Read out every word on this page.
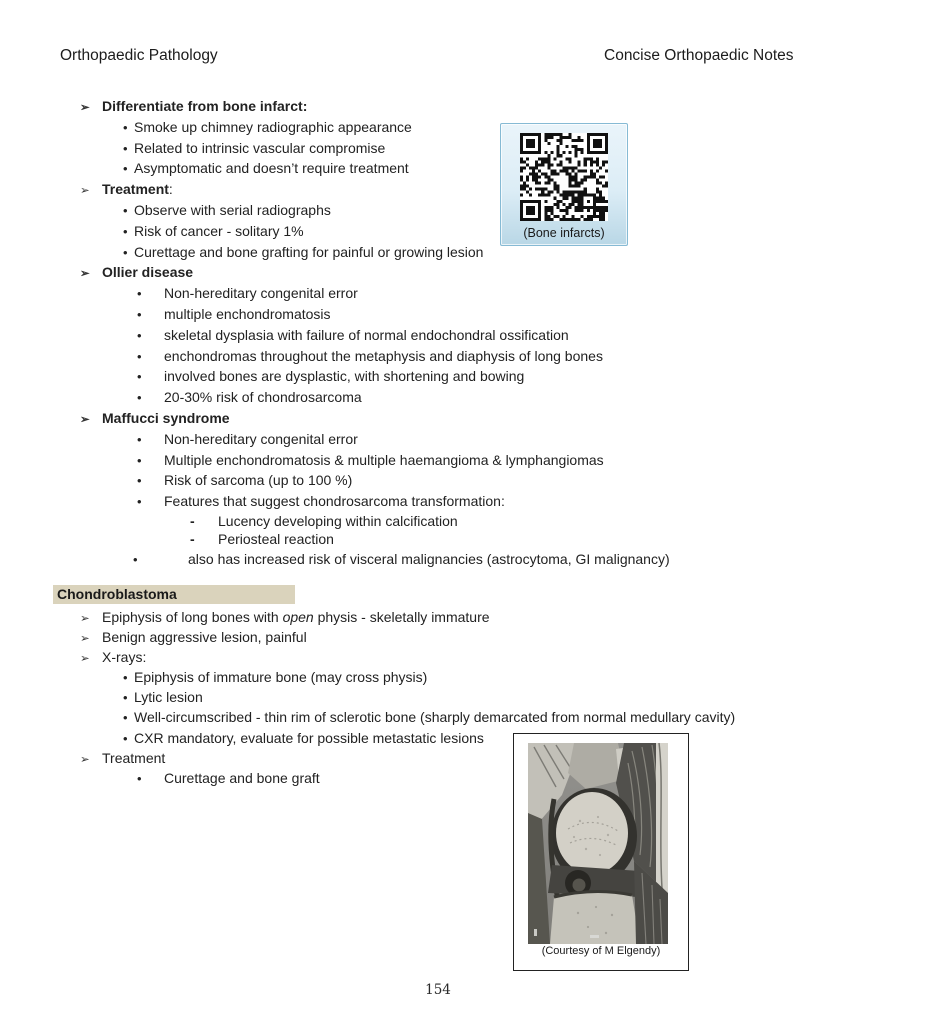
Orthopaedic Pathology	Concise Orthopaedic Notes
➢ Differentiate from bone infarct:
• Smoke up chimney radiographic appearance
• Related to intrinsic vascular compromise
• Asymptomatic and doesn’t require treatment
➢ Treatment:
• Observe with serial radiographs
• Risk of cancer - solitary 1%
• Curettage and bone grafting for painful or growing lesion
➢ Ollier disease
• Non-hereditary congenital error
• multiple enchondromatosis
• skeletal dysplasia with failure of normal endochondral ossification
• enchondromas throughout the metaphysis and diaphysis of long bones
• involved bones are dysplastic, with shortening and bowing
• 20-30% risk of chondrosarcoma
➢ Maffucci syndrome
• Non-hereditary congenital error
• Multiple enchondromatosis & multiple haemangioma & lymphangiomas
• Risk of sarcoma (up to 100 %)
• Features that suggest chondrosarcoma transformation:
- Lucency developing within calcification
- Periosteal reaction
•	also has increased risk of visceral malignancies (astrocytoma, GI malignancy)
Chondroblastoma
➢ Epiphysis of long bones with open physis - skeletally immature
➢ Benign aggressive lesion, painful
➢ X-rays:
• Epiphysis of immature bone (may cross physis)
• Lytic lesion
• Well-circumscribed - thin rim of sclerotic bone (sharply demarcated from normal medullary cavity)
• CXR mandatory, evaluate for possible metastatic lesions
➢ Treatment
• Curettage and bone graft
(Bone infarcts)
(Courtesy of M Elgendy)
154
